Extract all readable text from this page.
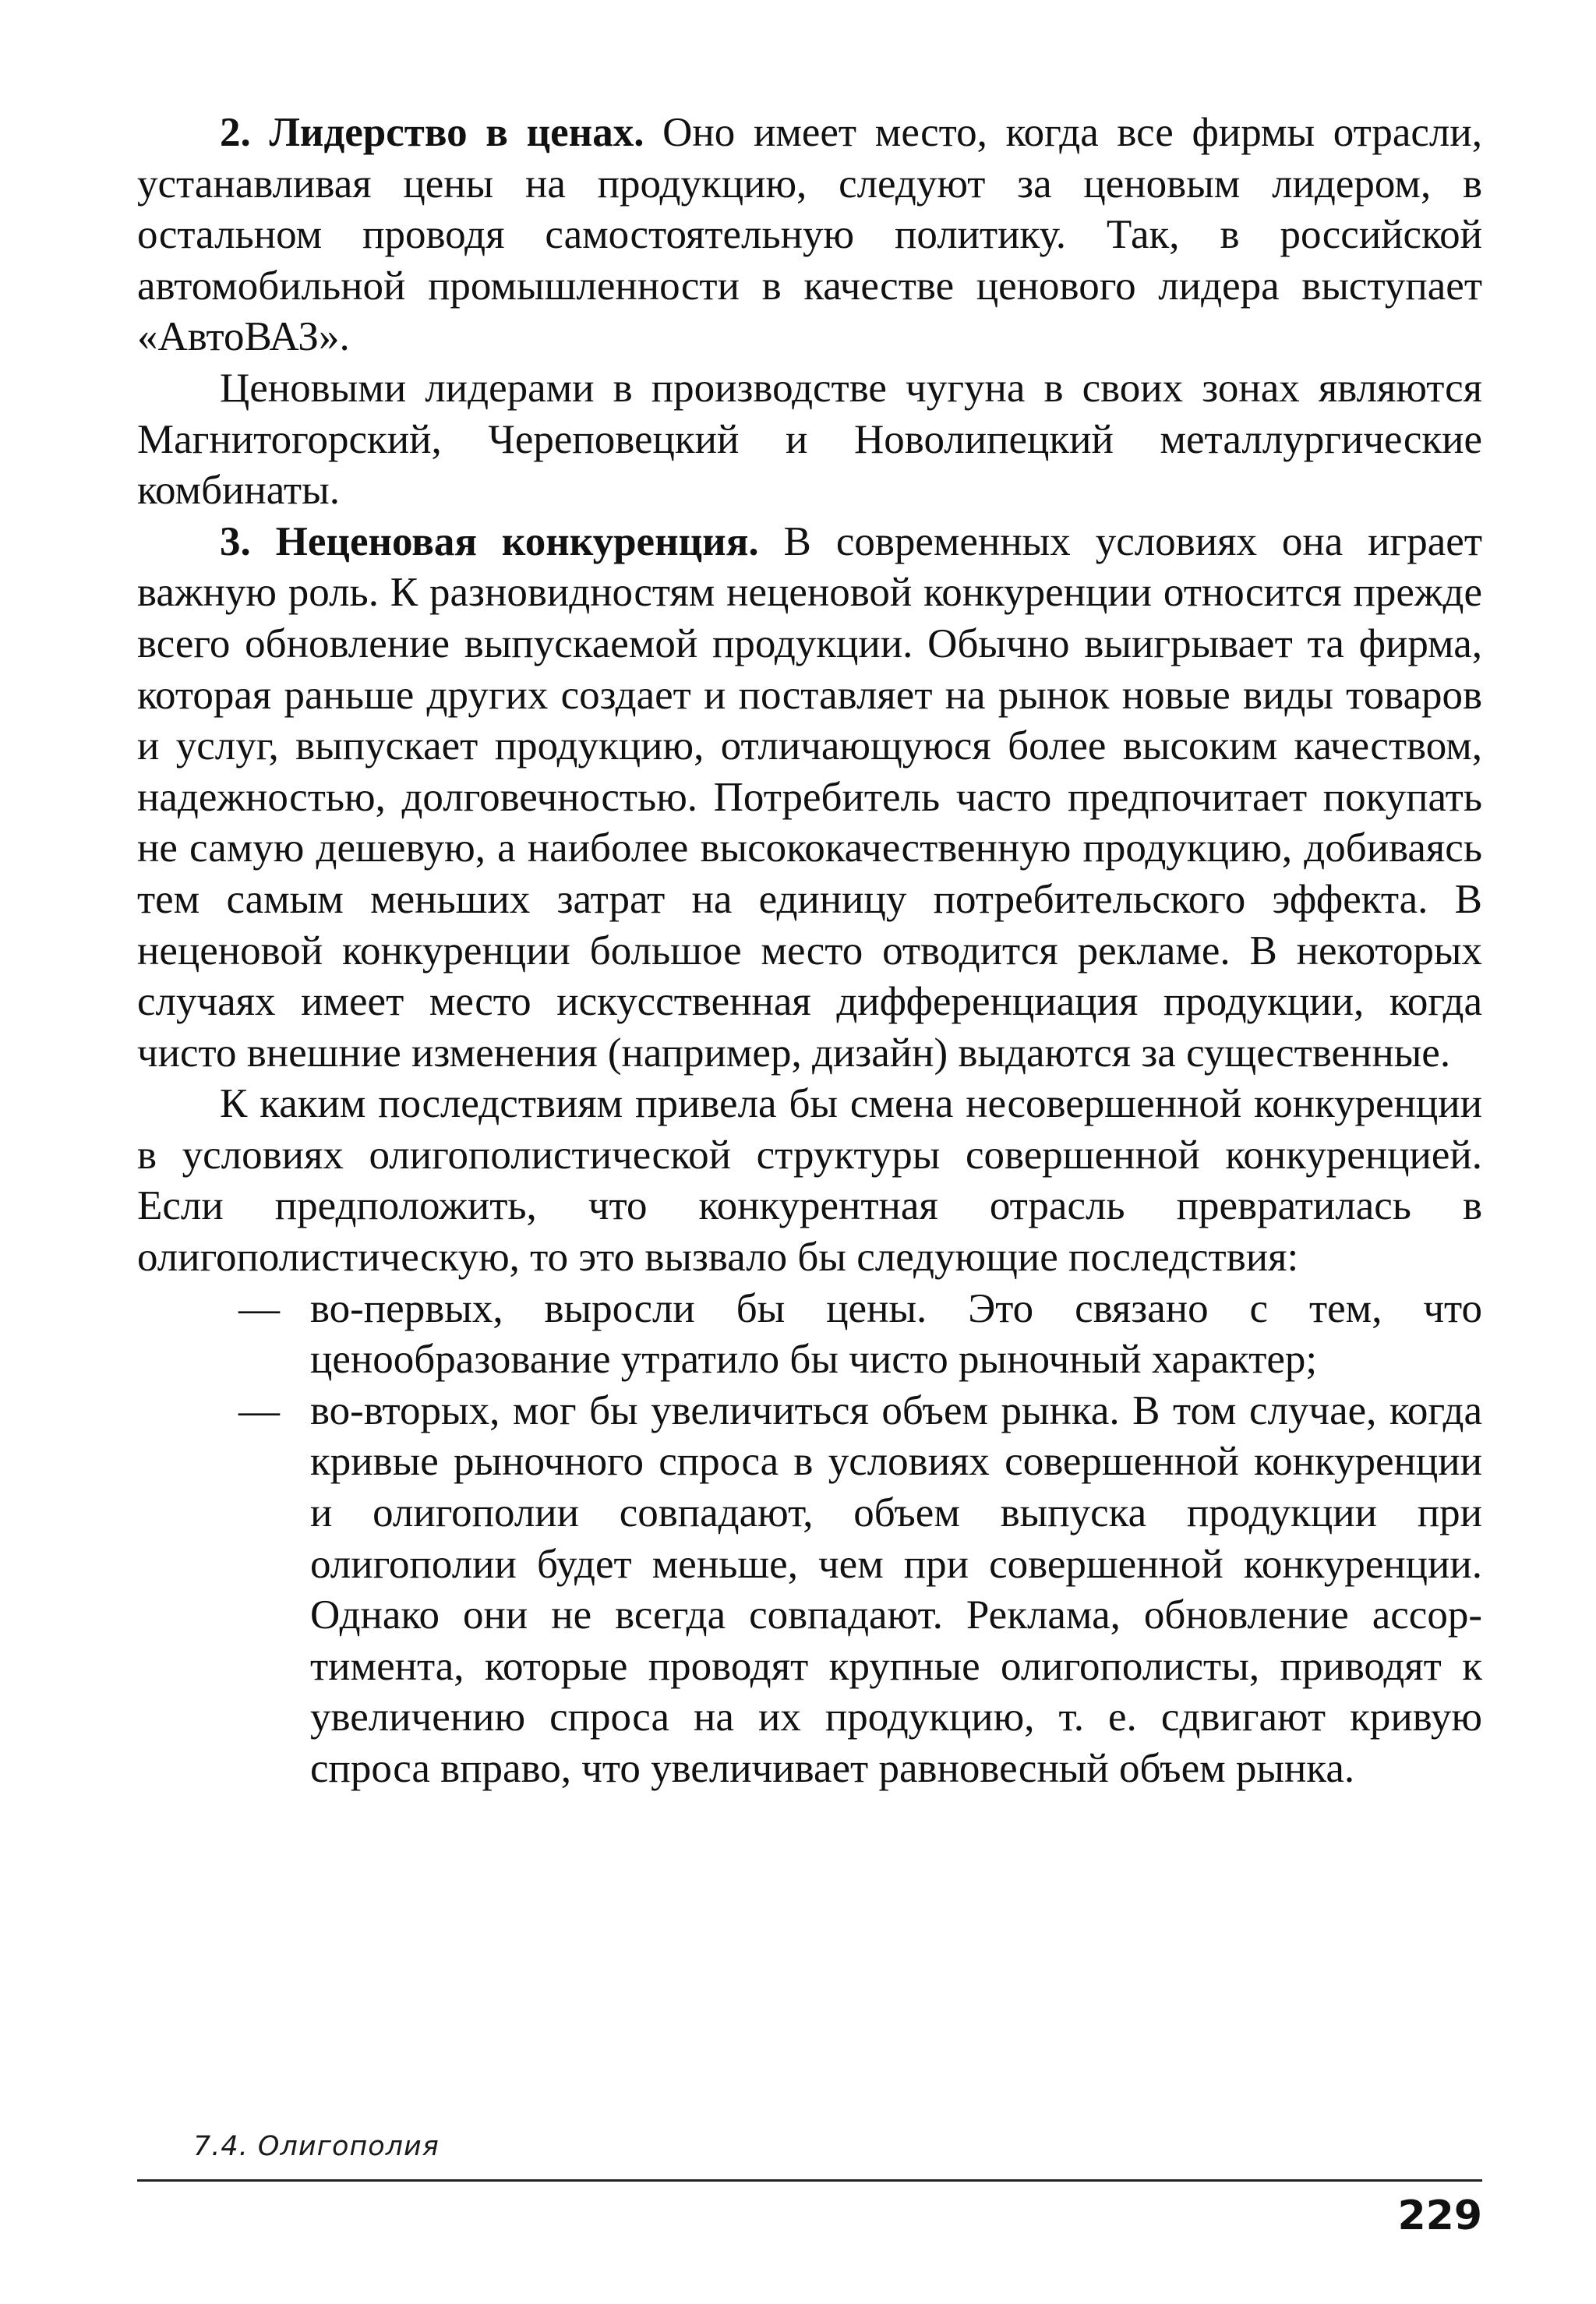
2. Лидерство в ценах. Оно имеет место, когда все фирмы отрасли, устанавливая цены на продукцию, следуют за ценовым лидером, в остальном проводя самостоятельную политику. Так, в российской автомобильной промышленности в качестве ценового лидера выступает «АвтоВАЗ».

Ценовыми лидерами в производстве чугуна в своих зонах являются Магнитогорский, Череповецкий и Новолипецкий металлургические комбинаты.

3. Неценовая конкуренция. В современных условиях она играет важную роль. К разновидностям неценовой конкуренции относится прежде всего обновление выпускаемой продукции. Обычно выигрывает та фирма, которая раньше других создает и поставляет на рынок новые виды товаров и услуг, выпускает продукцию, отличающуюся более высоким качеством, надежностью, долговечностью. Потребитель часто предпочитает покупать не самую дешевую, а наиболее высококачественную продукцию, добиваясь тем самым меньших затрат на единицу потребительского эффекта. В неценовой конкуренции большое место отводится рекламе. В некоторых случаях имеет место искусственная дифференциация продукции, когда чисто внешние изменения (например, дизайн) выдаются за существенные.

К каким последствиям привела бы смена несовершенной конкуренции в условиях олигополистической структуры совершенной конкуренцией. Если предположить, что конкурентная отрасль превратилась в олигополистическую, то это вызвало бы следующие последствия:

— во-первых, выросли бы цены. Это связано с тем, что ценообразование утратило бы чисто рыночный характер;
— во-вторых, мог бы увеличиться объем рынка. В том случае, когда кривые рыночного спроса в условиях совершенной конкуренции и олигополии совпадают, объем выпуска продукции при олигополии будет меньше, чем при совершенной конкуренции. Однако они не всегда совпадают. Реклама, обновление ассортимента, которые проводят крупные олигополисты, приводят к увеличению спроса на их продукцию, т. е. сдвигают кривую спроса вправо, что увеличивает равновесный объем рынка.
7.4. Олигополия
229
